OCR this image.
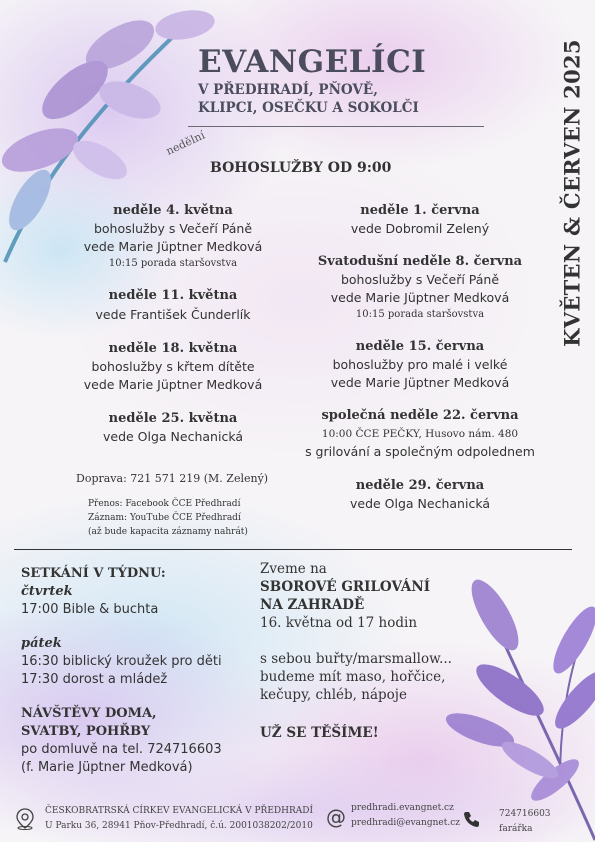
EVANGELÍCI
V PŘEDHRADÍ, PŇOVĚ,
KLIPCI, OSEČKU A SOKOLČI	KVĚTEN & ČERVEN 2025
nedělní
BOHOSLUŽBY OD 9:00
neděle 4. května
bohoslužby s Večeří Páně
vede Marie Jüptner Medková
10:15 porada staršovstva
neděle 11. května
vede František Čunderlík
neděle 18. května
bohoslužby s křtem dítěte
vede Marie Jüptner Medková
neděle 25. května
vede Olga Nechanická
Doprava: 721 571 219 (M. Zelený)
Přenos: Facebook ČCE Předhradí
Záznam: YouTube ČCE Předhradí
(až bude kapacita záznamy nahrát)
neděle 1. června
vede Dobromil Zelený
Svatodušní neděle 8. června
bohoslužby s Večeří Páně
vede Marie Jüptner Medková
10:15 porada staršovstva
neděle 15. června
bohoslužby pro malé i velké
vede Marie Jüptner Medková
společná neděle 22. června
10:00 ČCE PEČKY, Husovo nám. 480
s grilování a společným odpolednem
neděle 29. června
vede Olga Nechanická
SETKÁNÍ V TÝDNU:
čtvrtek
17:00 Bible & buchta
pátek
16:30 biblický kroužek pro děti
17:30 dorost a mládež
NÁVŠTĚVY DOMA,
SVATBY, POHŘBY
po domluvě na tel. 724716603
(f. Marie Jüptner Medková)
Zveme na
SBOROVÉ GRILOVÁNÍ
NA ZAHRADĚ
16. května od 17 hodin
s sebou buřty/marsmallow...
budeme mít maso, hořčice,
kečupy, chléb, nápoje
UŽ SE TĚŠÍME!
ČESKOBRATRSKÁ CÍRKEV EVANGELICKÁ V PŘEDHRADÍ
U Parku 36, 28941 Pňov-Předhradí, č.ú. 2001038202/2010 @ predhradi.evangnet.cz
predhradi@evangnet.cz
724716603
farářka
